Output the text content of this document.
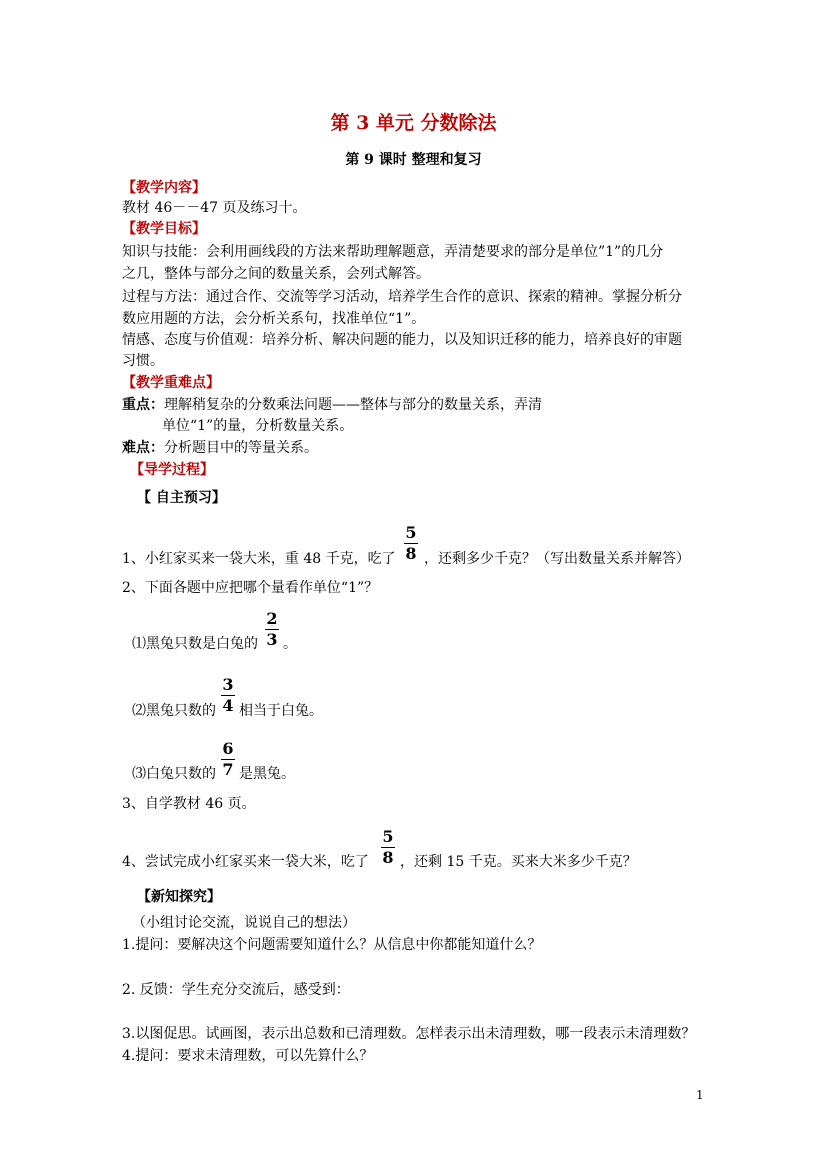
第 3 单元 分数除法
第 9 课时 整理和复习
【教学内容】
教材 46－－47 页及练习十。
【教学目标】
知识与技能：会利用画线段的方法来帮助理解题意，弄清楚要求的部分是单位”1”的几分
之几，整体与部分之间的数量关系，会列式解答。
过程与方法：通过合作、交流等学习活动，培养学生合作的意识、探索的精神。掌握分析分
数应用题的方法，会分析关系句，找准单位“1”。
情感、态度与价值观：培养分析、解决问题的能力，以及知识迁移的能力，培养良好的审题
习惯。
【教学重难点】
重点：理解稍复杂的分数乘法问题——整体与部分的数量关系，弄清
单位“1”的量，分析数量关系。
难点：分析题目中的等量关系。
【导学过程】
【 自主预习】
1、小红家买来一袋大米，重 48 千克，吃了
5
8 ，还剩多少千克？（写出数量关系并解答）
2、下面各题中应把哪个量看作单位“1”？
⑴黑兔只数是白兔的
2
3 。
⑵黑兔只数的
3
4 相当于白兔。
⑶白兔只数的
6
7 是黑兔。
3、自学教材 46 页。
4、尝试完成小红家买来一袋大米，吃了
5
8 ，还剩 15 千克。买来大米多少千克？
【新知探究】
（小组讨论交流，说说自己的想法）
1.提问：要解决这个问题需要知道什么？从信息中你都能知道什么？
2. 反馈：学生充分交流后，感受到：
3.以图促思。试画图，表示出总数和已清理数。怎样表示出未清理数，哪一段表示未清理数？
4.提问：要求未清理数，可以先算什么？
1
